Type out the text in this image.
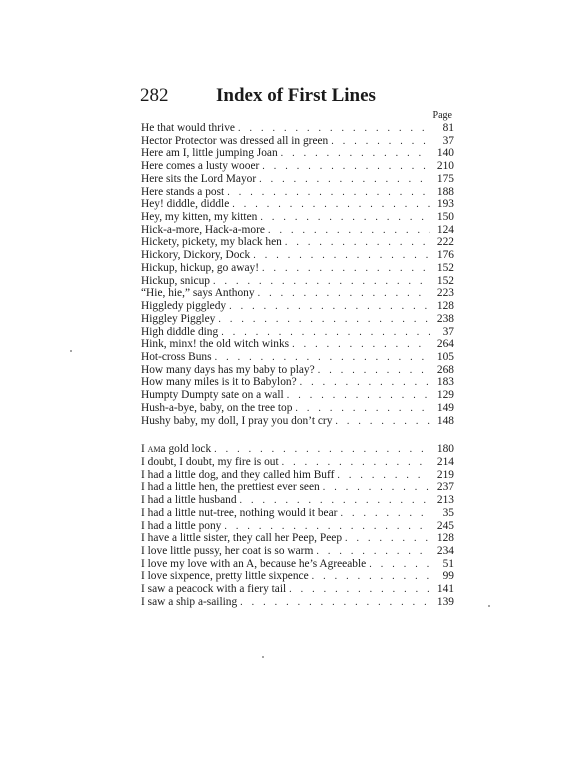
282	Index of First Lines
Page
He that would thrive .....	81
Hector Protector was dressed all in green .....	37
Here am I, little jumping Joan .....	140
Here comes a lusty wooer .....	210
Here sits the Lord Mayor .....	175
Here stands a post .....	188
Hey! diddle, diddle .....	193
Hey, my kitten, my kitten .....	150
Hick-a-more, Hack-a-more .....	124
Hickety, pickety, my black hen .....	222
Hickory, Dickory, Dock .....	176
Hickup, hickup, go away! .....	152
Hickup, snicup .....	152
“Hie, hie,” says Anthony .....	223
Higgledy piggledy .....	128
Higgley Piggley .....	238
High diddle ding .....	37
Hink, minx! the old witch winks .....	264
Hot-cross Buns .....	105
How many days has my baby to play? .....	268
How many miles is it to Babylon? .....	183
Humpty Dumpty sate on a wall .....	129
Hush-a-bye, baby, on the tree top .....	149
Hushy baby, my doll, I pray you don’t cry .....	148
I am a gold lock .....	180
I doubt, I doubt, my fire is out .....	214
I had a little dog, and they called him Buff .....	219
I had a little hen, the prettiest ever seen .....	237
I had a little husband .....	213
I had a little nut-tree, nothing would it bear .....	35
I had a little pony .....	245
I have a little sister, they call her Peep, Peep .....	128
I love little pussy, her coat is so warm .....	234
I love my love with an A, because he’s Agreeable .....	51
I love sixpence, pretty little sixpence .....	99
I saw a peacock with a fiery tail .....	141
I saw a ship a-sailing .....	139
